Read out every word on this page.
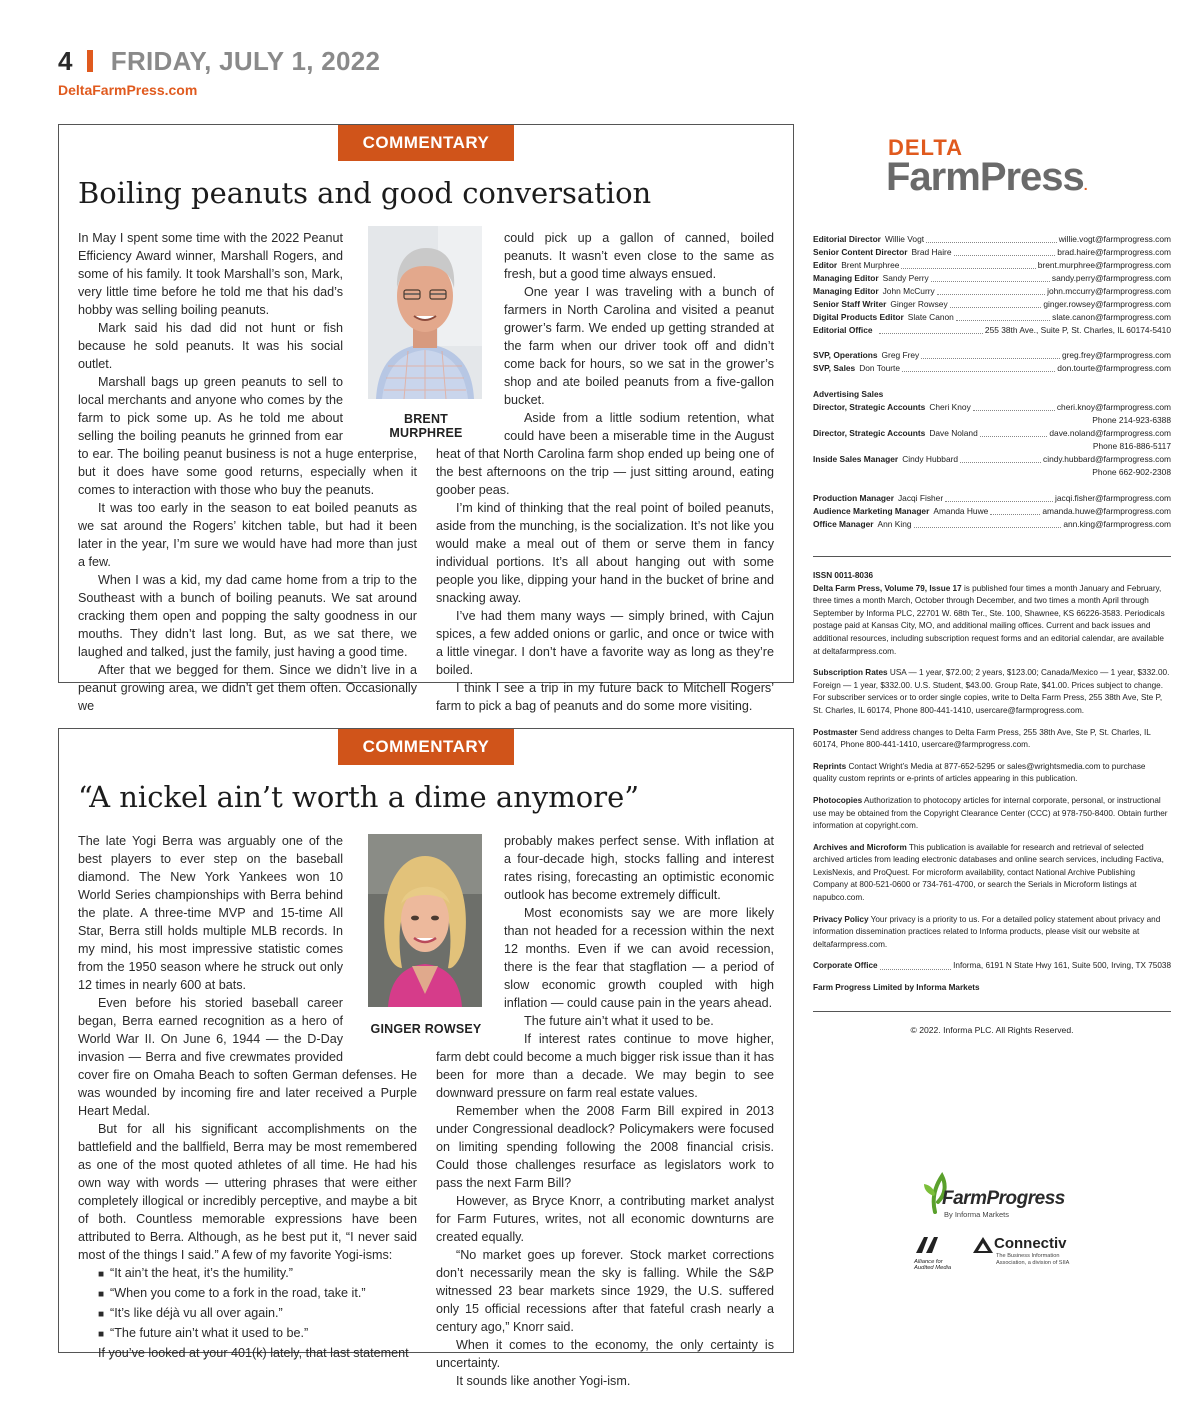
4 FRIDAY, JULY 1, 2022
DeltaFarmPress.com
COMMENTARY
Boiling peanuts and good conversation

In May I spent some time with the 2022 Peanut Efficiency Award winner, Marshall Rogers, and some of his family. It took Marshall’s son, Mark, very little time before he told me that his dad’s hobby was selling boiling peanuts.

Mark said his dad did not hunt or fish because he sold peanuts. It was his social outlet.

Marshall bags up green peanuts to sell to local merchants and anyone who comes by the farm to pick some up. As he told me about selling the boiling peanuts he grinned from ear to ear. The boiling peanut business is not a huge enterprise, but it does have some good returns, especially when it comes to interaction with those who buy the peanuts.

It was too early in the season to eat boiled peanuts as we sat around the Rogers’ kitchen table, but had it been later in the year, I’m sure we would have had more than just a few.

When I was a kid, my dad came home from a trip to the Southeast with a bunch of boiling peanuts. We sat around cracking them open and popping the salty goodness in our mouths. They didn’t last long. But, as we sat there, we laughed and talked, just the family, just having a good time.

After that we begged for them. Since we didn’t live in a peanut growing area, we didn’t get them often. Occasionally we

BRENT MURPHREE

could pick up a gallon of canned, boiled peanuts. It wasn’t even close to the same as fresh, but a good time always ensued.

One year I was traveling with a bunch of farmers in North Carolina and visited a peanut grower’s farm. We ended up getting stranded at the farm when our driver took off and didn’t come back for hours, so we sat in the grower’s shop and ate boiled peanuts from a five-gallon bucket.

Aside from a little sodium retention, what could have been a miserable time in the August heat of that North Carolina farm shop ended up being one of the best afternoons on the trip — just sitting around, eating goober peas.

I’m kind of thinking that the real point of boiled peanuts, aside from the munching, is the socialization. It’s not like you would make a meal out of them or serve them in fancy individual portions. It’s all about hanging out with some people you like, dipping your hand in the bucket of brine and snacking away.

I’ve had them many ways — simply brined, with Cajun spices, a few added onions or garlic, and once or twice with a little vinegar. I don’t have a favorite way as long as they’re boiled.

I think I see a trip in my future back to Mitchell Rogers’ farm to pick a bag of peanuts and do some more visiting.

COMMENTARY
“A nickel ain’t worth a dime anymore”

The late Yogi Berra was arguably one of the best players to ever step on the baseball diamond. The New York Yankees won 10 World Series championships with Berra behind the plate. A three-time MVP and 15-time All Star, Berra still holds multiple MLB records. In my mind, his most impressive statistic comes from the 1950 season where he struck out only 12 times in nearly 600 at bats.

Even before his storied baseball career began, Berra earned recognition as a hero of World War II. On June 6, 1944 — the D-Day invasion — Berra and five crewmates provided cover fire on Omaha Beach to soften German defenses. He was wounded by incoming fire and later received a Purple Heart Medal.

But for all his significant accomplishments on the battlefield and the ballfield, Berra may be most remembered as one of the most quoted athletes of all time. He had his own way with words — uttering phrases that were either completely illogical or incredibly perceptive, and maybe a bit of both. Countless memorable expressions have been attributed to Berra. Although, as he best put it, “I never said most of the things I said.” A few of my favorite Yogi-isms:

■ “It ain’t the heat, it’s the humility.”
■ “When you come to a fork in the road, take it.”
■ “It’s like déjà vu all over again.”
■ “The future ain’t what it used to be.”

If you’ve looked at your 401(k) lately, that last statement

GINGER ROWSEY

probably makes perfect sense. With inflation at a four-decade high, stocks falling and interest rates rising, forecasting an optimistic economic outlook has become extremely difficult.

Most economists say we are more likely than not headed for a recession within the next 12 months. Even if we can avoid recession, there is the fear that stagflation — a period of slow economic growth coupled with high inflation — could cause pain in the years ahead.

The future ain’t what it used to be.

If interest rates continue to move higher, farm debt could become a much bigger risk issue than it has been for more than a decade. We may begin to see downward pressure on farm real estate values.

Remember when the 2008 Farm Bill expired in 2013 under Congressional deadlock? Policymakers were focused on limiting spending following the 2008 financial crisis. Could those challenges resurface as legislators work to pass the next Farm Bill?

However, as Bryce Knorr, a contributing market analyst for Farm Futures, writes, not all economic downturns are created equally.

“No market goes up forever. Stock market corrections don’t necessarily mean the sky is falling. While the S&P witnessed 23 bear markets since 1929, the U.S. suffered only 15 official recessions after that fateful crash nearly a century ago,” Knorr said.

When it comes to the economy, the only certainty is uncertainty.

It sounds like another Yogi-ism.

DELTA
FarmPress.
Editorial Director Willie Vogt	willie.vogt@farmprogress.com
Senior Content Director Brad Haire	brad.haire@farmprogress.com
Editor Brent Murphree	brent.murphree@farmprogress.com
Managing Editor Sandy Perry	sandy.perry@farmprogress.com
Managing Editor John McCurry	john.mccurry@farmprogress.com
Senior Staff Writer Ginger Rowsey	ginger.rowsey@farmprogress.com
Digital Products Editor Slate Canon	slate.canon@farmprogress.com
Editorial Office	255 38th Ave., Suite P, St. Charles, IL 60174-5410
SVP, Operations Greg Frey	greg.frey@farmprogress.com
SVP, Sales Don Tourte	don.tourte@farmprogress.com
Advertising Sales
Director, Strategic Accounts Cheri Knoy	cheri.knoy@farmprogress.com
Phone 214-923-6388
Director, Strategic Accounts Dave Noland	dave.noland@farmprogress.com
Phone 816-886-5117
Inside Sales Manager Cindy Hubbard	cindy.hubbard@farmprogress.com
Phone 662-902-2308
Production Manager Jacqi Fisher	jacqi.fisher@farmprogress.com
Audience Marketing Manager Amanda Huwe	amanda.huwe@farmprogress.com
Office Manager Ann King	ann.king@farmprogress.com

ISSN 0011-8036

Delta Farm Press, Volume 79, Issue 17 is published four times a month January and February, three times a month March, October through December, and two times a month April through September by Informa PLC, 22701 W. 68th Ter., Ste. 100, Shawnee, KS 66226-3583. Periodicals postage paid at Kansas City, MO, and additional mailing offices. Current and back issues and additional resources, including subscription request forms and an editorial calendar, are available at deltafarmpress.com.

Subscription Rates USA — 1 year, $72.00; 2 years, $123.00; Canada/Mexico — 1 year, $332.00. Foreign — 1 year, $332.00. U.S. Student, $43.00. Group Rate, $41.00. Prices subject to change. For subscriber services or to order single copies, write to Delta Farm Press, 255 38th Ave, Ste P, St. Charles, IL 60174, Phone 800-441-1410, usercare@farmprogress.com.

Postmaster Send address changes to Delta Farm Press, 255 38th Ave, Ste P, St. Charles, IL 60174, Phone 800-441-1410, usercare@farmprogress.com.

Reprints Contact Wright’s Media at 877-652-5295 or sales@wrightsmedia.com to purchase quality custom reprints or e-prints of articles appearing in this publication.

Photocopies Authorization to photocopy articles for internal corporate, personal, or instructional use may be obtained from the Copyright Clearance Center (CCC) at 978-750-8400. Obtain further information at copyright.com.

Archives and Microform This publication is available for research and retrieval of selected archived articles from leading electronic databases and online search services, including Factiva, LexisNexis, and ProQuest. For microform availability, contact National Archive Publishing Company at 800-521-0600 or 734-761-4700, or search the Serials in Microform listings at napubco.com.

Privacy Policy Your privacy is a priority to us. For a detailed policy statement about privacy and information dissemination practices related to Informa products, please visit our website at deltafarmpress.com.

Corporate Office	Informa, 6191 N State Hwy 161, Suite 500, Irving, TX 75038
Farm Progress Limited by Informa Markets
© 2022. Informa PLC. All Rights Reserved.
FarmProgress
By Informa Markets
Alliance for Audited Media
Connectiv
The Business Information Association, a division of SIIA
